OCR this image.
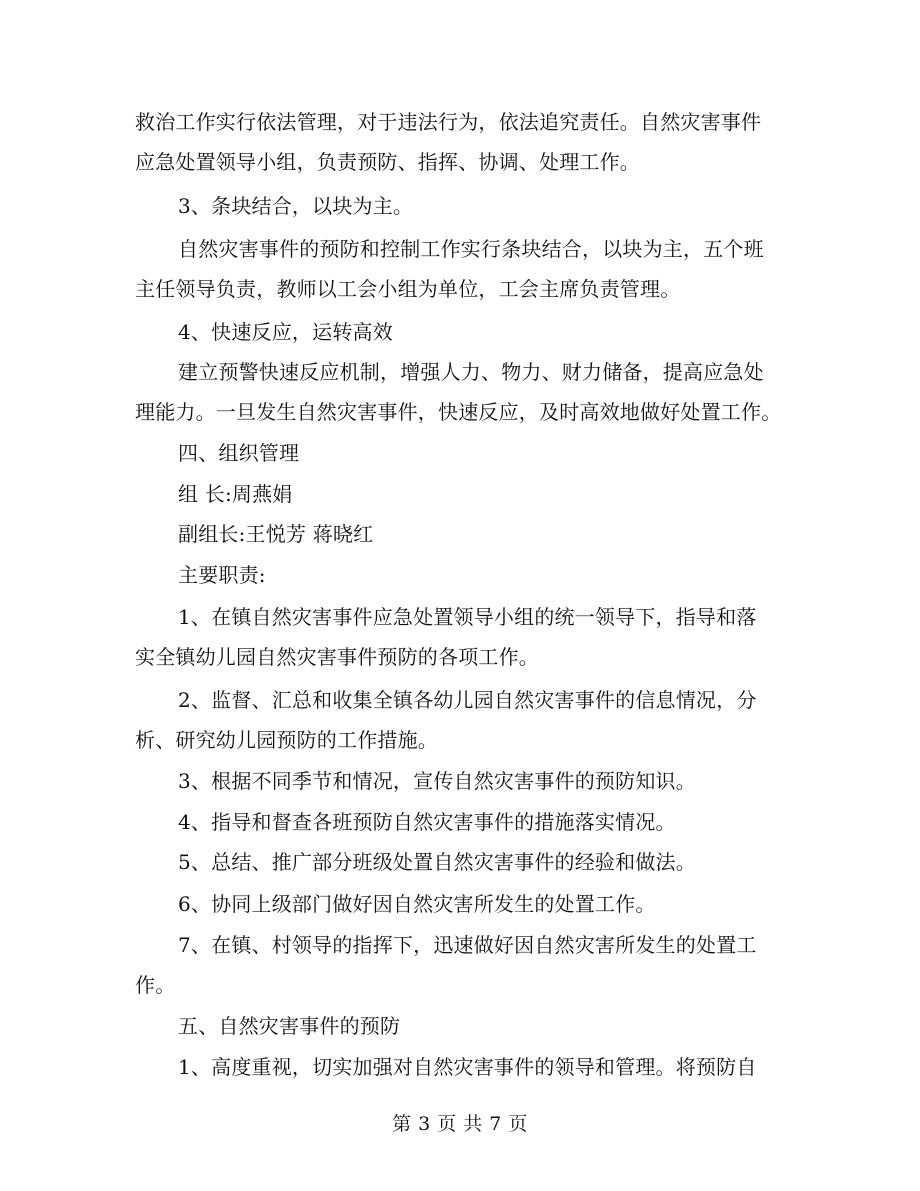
救治工作实行依法管理，对于违法行为，依法追究责任。自然灾害事件
应急处置领导小组，负责预防、指挥、协调、处理工作。
3、条块结合，以块为主。
自然灾害事件的预防和控制工作实行条块结合，以块为主，五个班
主任领导负责，教师以工会小组为单位，工会主席负责管理。
4、快速反应，运转高效
建立预警快速反应机制，增强人力、物力、财力储备，提高应急处
理能力。一旦发生自然灾害事件，快速反应，及时高效地做好处置工作。
四、组织管理
组 长:周燕娟
副组长:王悦芳 蒋晓红
主要职责:
1、在镇自然灾害事件应急处置领导小组的统一领导下，指导和落
实全镇幼儿园自然灾害事件预防的各项工作。
2、监督、汇总和收集全镇各幼儿园自然灾害事件的信息情况，分
析、研究幼儿园预防的工作措施。
3、根据不同季节和情况，宣传自然灾害事件的预防知识。
4、指导和督查各班预防自然灾害事件的措施落实情况。
5、总结、推广部分班级处置自然灾害事件的经验和做法。
6、协同上级部门做好因自然灾害所发生的处置工作。
7、在镇、村领导的指挥下，迅速做好因自然灾害所发生的处置工
作。
五、自然灾害事件的预防
1、高度重视，切实加强对自然灾害事件的领导和管理。将预防自
第 3 页 共 7 页
